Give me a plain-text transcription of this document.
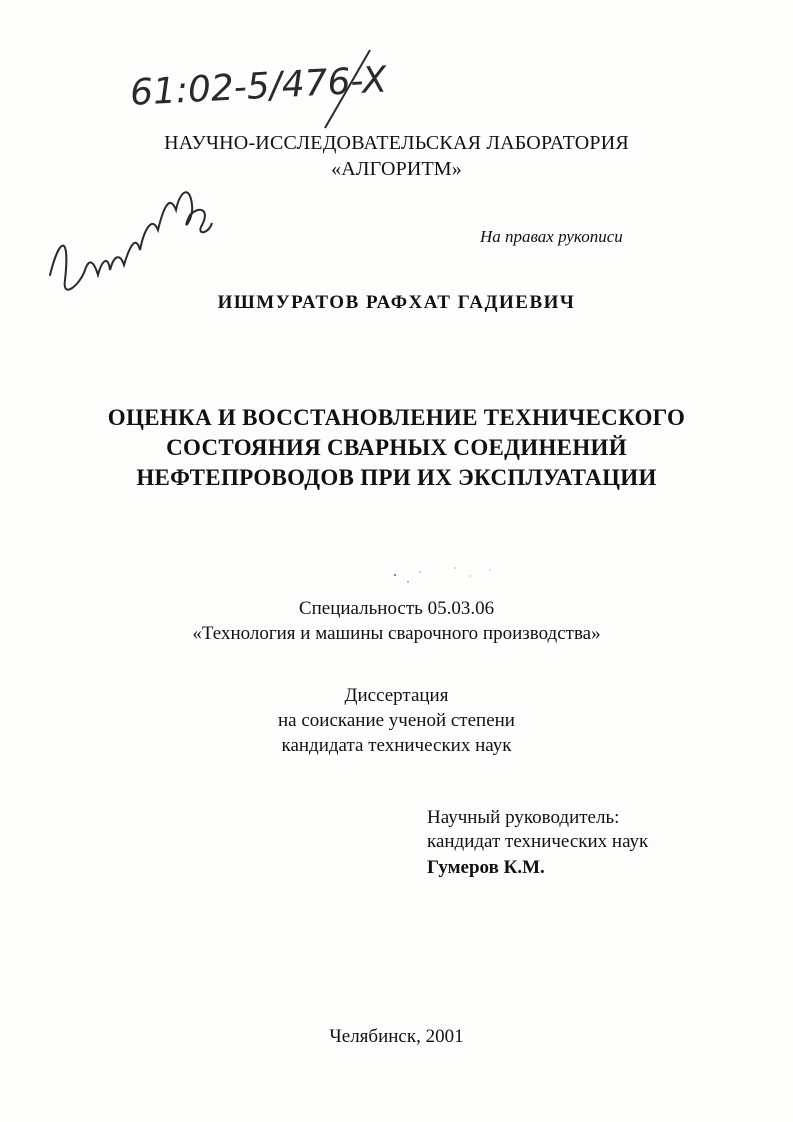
61:02-5/476-X
НАУЧНО-ИССЛЕДОВАТЕЛЬСКАЯ ЛАБОРАТОРИЯ
«АЛГОРИТМ»
На правах рукописи
ИШМУРАТОВ РАФХАТ ГАДИЕВИЧ
ОЦЕНКА И ВОССТАНОВЛЕНИЕ ТЕХНИЧЕСКОГО
СОСТОЯНИЯ СВАРНЫХ СОЕДИНЕНИЙ
НЕФТЕПРОВОДОВ ПРИ ИХ ЭКСПЛУАТАЦИИ
Специальность 05.03.06
«Технология и машины сварочного производства»
Диссертация
на соискание ученой степени
кандидата технических наук
Научный руководитель:
кандидат технических наук
Гумеров К.М.
Челябинск, 2001
